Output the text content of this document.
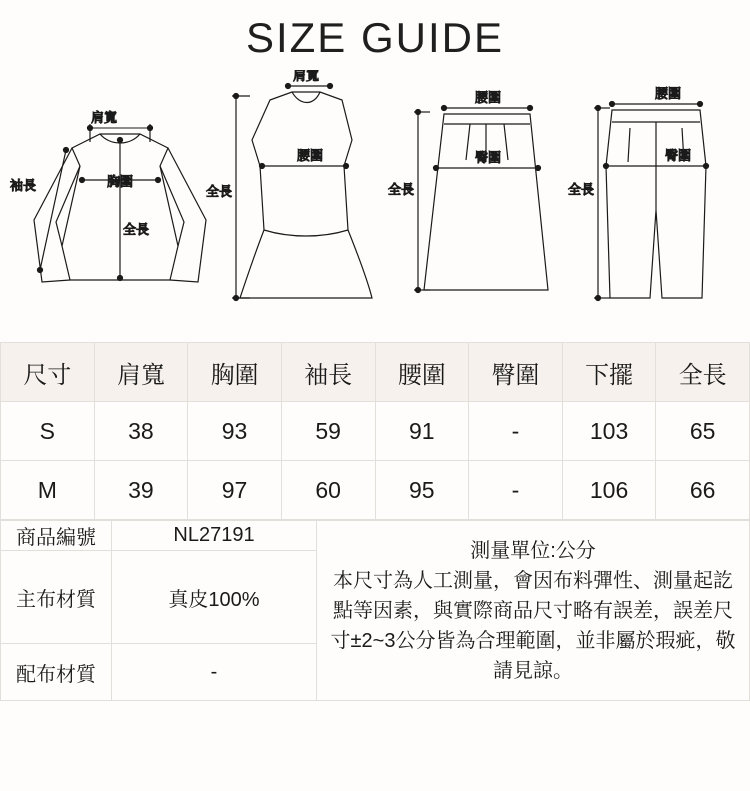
SIZE GUIDE
肩寬
袖長	胸圍
全長
肩寬
腰圍
全長
腰圍
臀圍
全長
腰圍
臀圍
全長
尺寸	肩寬	胸圍	袖長	腰圍	臀圍	下擺	全長
S	38	93	59	91	-	103	65
M	39	97	60	95	-	106	66
商品編號	NL27191	測量單位:公分
本尺寸為人工測量，會因布料彈性、測量起訖
點等因素，與實際商品尺寸略有誤差，誤差尺
寸±2~3公分皆為合理範圍，並非屬於瑕疵，敬
請見諒。

主布材質	真皮100%	
配布材質	-	
